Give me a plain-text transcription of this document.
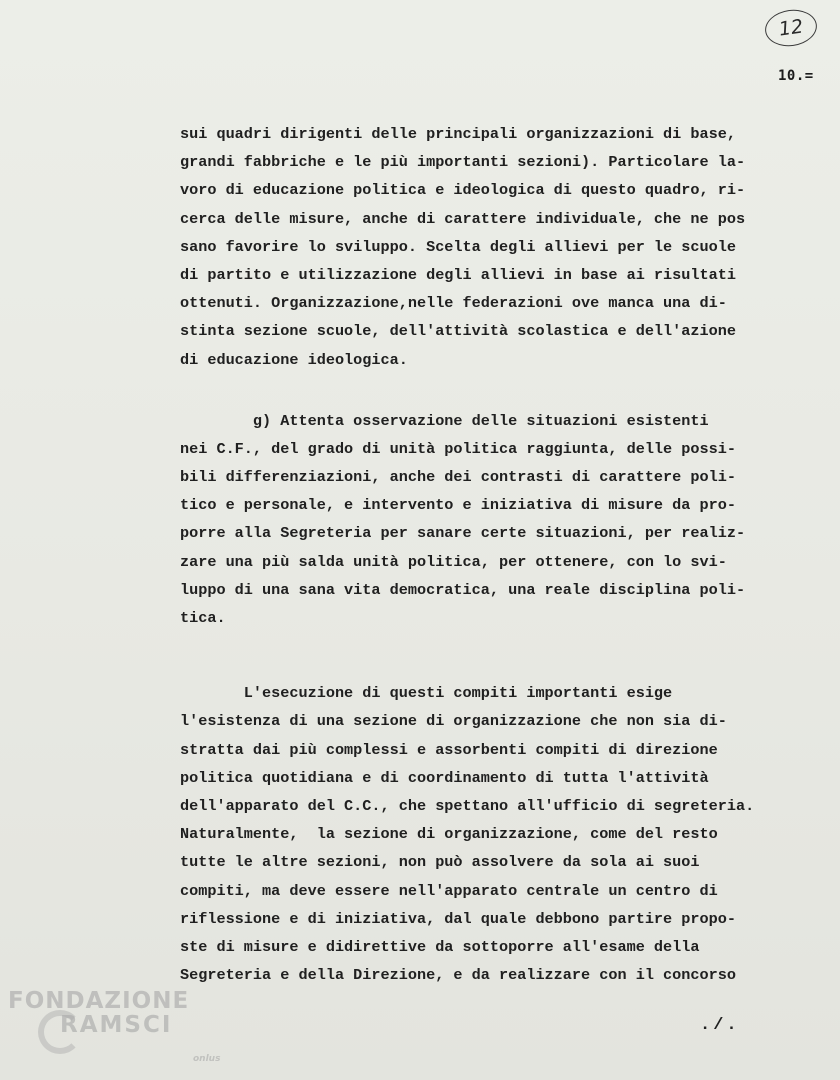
12
10.=
sui quadri dirigenti delle principali organizzazioni di base,
grandi fabbriche e le più importanti sezioni). Particolare la-
voro di educazione politica e ideologica di questo quadro, ri-
cerca delle misure, anche di carattere individuale, che ne pos
sano favorire lo sviluppo. Scelta degli allievi per le scuole
di partito e utilizzazione degli allievi in base ai risultati
ottenuti. Organizzazione,nelle federazioni ove manca una di-
stinta sezione scuole, dell'attività scolastica e dell'azione
di educazione ideologica.
g) Attenta osservazione delle situazioni esistenti
nei C.F., del grado di unità politica raggiunta, delle possi-
bili differenziazioni, anche dei contrasti di carattere poli-
tico e personale, e intervento e iniziativa di misure da pro-
porre alla Segreteria per sanare certe situazioni, per realiz-
zare una più salda unità politica, per ottenere, con lo svi-
luppo di una sana vita democratica, una reale disciplina poli-
tica.
L'esecuzione di questi compiti importanti esige
l'esistenza di una sezione di organizzazione che non sia di-
stratta dai più complessi e assorbenti compiti di direzione
politica quotidiana e di coordinamento di tutta l'attività
dell'apparato del C.C., che spettano all'ufficio di segreteria.
Naturalmente,  la sezione di organizzazione, come del resto
tutte le altre sezioni, non può assolvere da sola ai suoi
compiti, ma deve essere nell'apparato centrale un centro di
riflessione e di iniziativa, dal quale debbono partire propo-
ste di misure e didirettive da sottoporre all'esame della
Segreteria e della Direzione, e da realizzare con il concorso
FONDAZIONE
RAMSCI
onlus
./.
